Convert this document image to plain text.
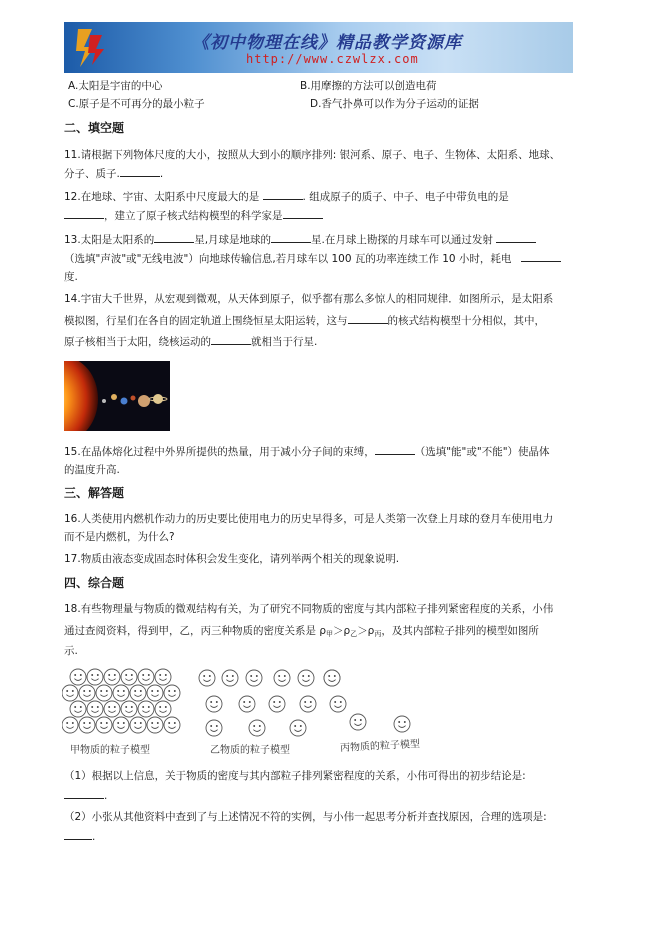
《初中物理在线》精品教学资源库
http://www.czwlzx.com
A.太阳是宇宙的中心	B.用摩擦的方法可以创造电荷
C.原子是不可再分的最小粒子	D.香气扑鼻可以作为分子运动的证据
二、填空题
11.请根据下列物体尺度的大小，按照从大到小的顺序排列: 银河系、原子、电子、生物体、太阳系、地球、
分子、质子.	.
12.在地球、宇宙、太阳系中尺度最大的是	. 组成原子的质子、中子、电子中带负电的是
，建立了原子核式结构模型的科学家是
13.太阳是太阳系的	星,月球是地球的	星.在月球上勘探的月球车可以通过发射
（选填"声波"或"无线电波"）向地球传输信息,若月球车以 100 瓦的功率连续工作 10 小时，耗电
度.
14.宇宙大千世界，从宏观到微观，从天体到原子，似乎都有那么多惊人的相同规律．如图所示，是太阳系
模拟图，行星们在各自的固定轨道上围绕恒星太阳运转，这与	的核式结构模型十分相似，其中，
原子核相当于太阳，绕核运动的	就相当于行星.
15.在晶体熔化过程中外界所提供的热量，用于减小分子间的束缚，	（选填"能"或"不能"）使晶体
的温度升高.
三、解答题
16.人类使用内燃机作动力的历史要比使用电力的历史早得多，可是人类第一次登上月球的登月车使用电力
而不是内燃机，为什么?
17.物质由液态变成固态时体积会发生变化，请列举两个相关的现象说明.
四、综合题
18.有些物理量与物质的微观结构有关，为了研究不同物质的密度与其内部粒子排列紧密程度的关系，小伟
通过查阅资料，得到甲，乙，丙三种物质的密度关系是 $\rho_甲>\rho_乙>\rho_丙$，及其内部粒子排列的模型如图所
示.
甲物质的粒子模型	乙物质的粒子模型	丙物质的粒子模型
（1）根据以上信息，关于物质的密度与其内部粒子排列紧密程度的关系，小伟可得出的初步结论是:
.
（2）小张从其他资料中查到了与上述情况不符的实例，与小伟一起思考分析并查找原因，合理的选项是:
.
